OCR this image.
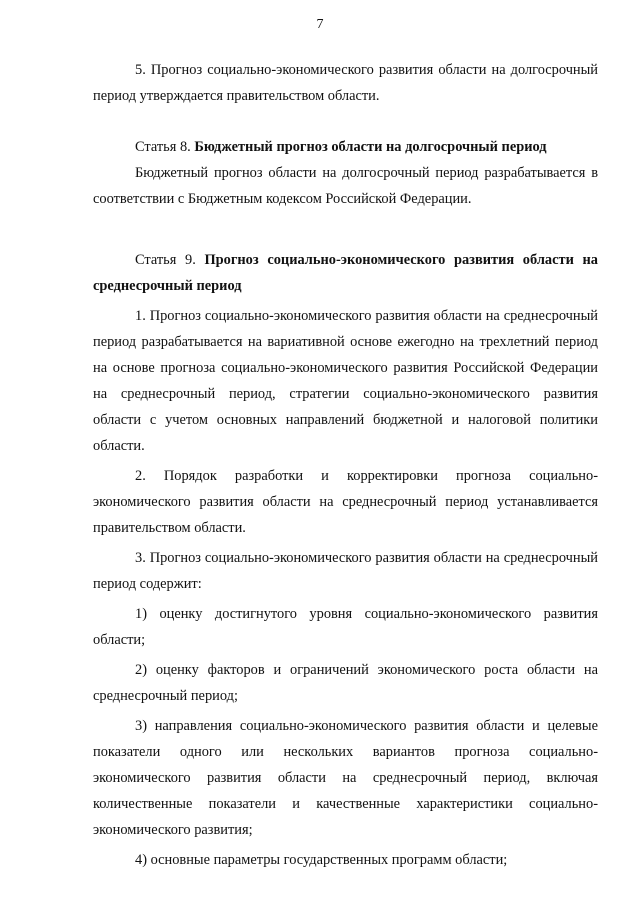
7

5. Прогноз социально-экономического развития области на долгосрочный период утверждается правительством области.

Статья 8. Бюджетный прогноз области на долгосрочный период

Бюджетный прогноз области на долгосрочный период разрабатывается в соответствии с Бюджетным кодексом Российской Федерации.

Статья 9. Прогноз социально-экономического развития области на среднесрочный период

1. Прогноз социально-экономического развития области на среднесрочный период разрабатывается на вариативной основе ежегодно на трехлетний период на основе прогноза социально-экономического развития Российской Федерации на среднесрочный период, стратегии социально-экономического развития области с учетом основных направлений бюджетной и налоговой политики области.

2. Порядок разработки и корректировки прогноза социально-экономического развития области на среднесрочный период устанавливается правительством области.

3. Прогноз социально-экономического развития области на среднесрочный период содержит:

1) оценку достигнутого уровня социально-экономического развития области;

2) оценку факторов и ограничений экономического роста области на среднесрочный период;

3) направления социально-экономического развития области и целевые показатели одного или нескольких вариантов прогноза социально-экономического развития области на среднесрочный период, включая количественные показатели и качественные характеристики социально-экономического развития;

4) основные параметры государственных программ области;
